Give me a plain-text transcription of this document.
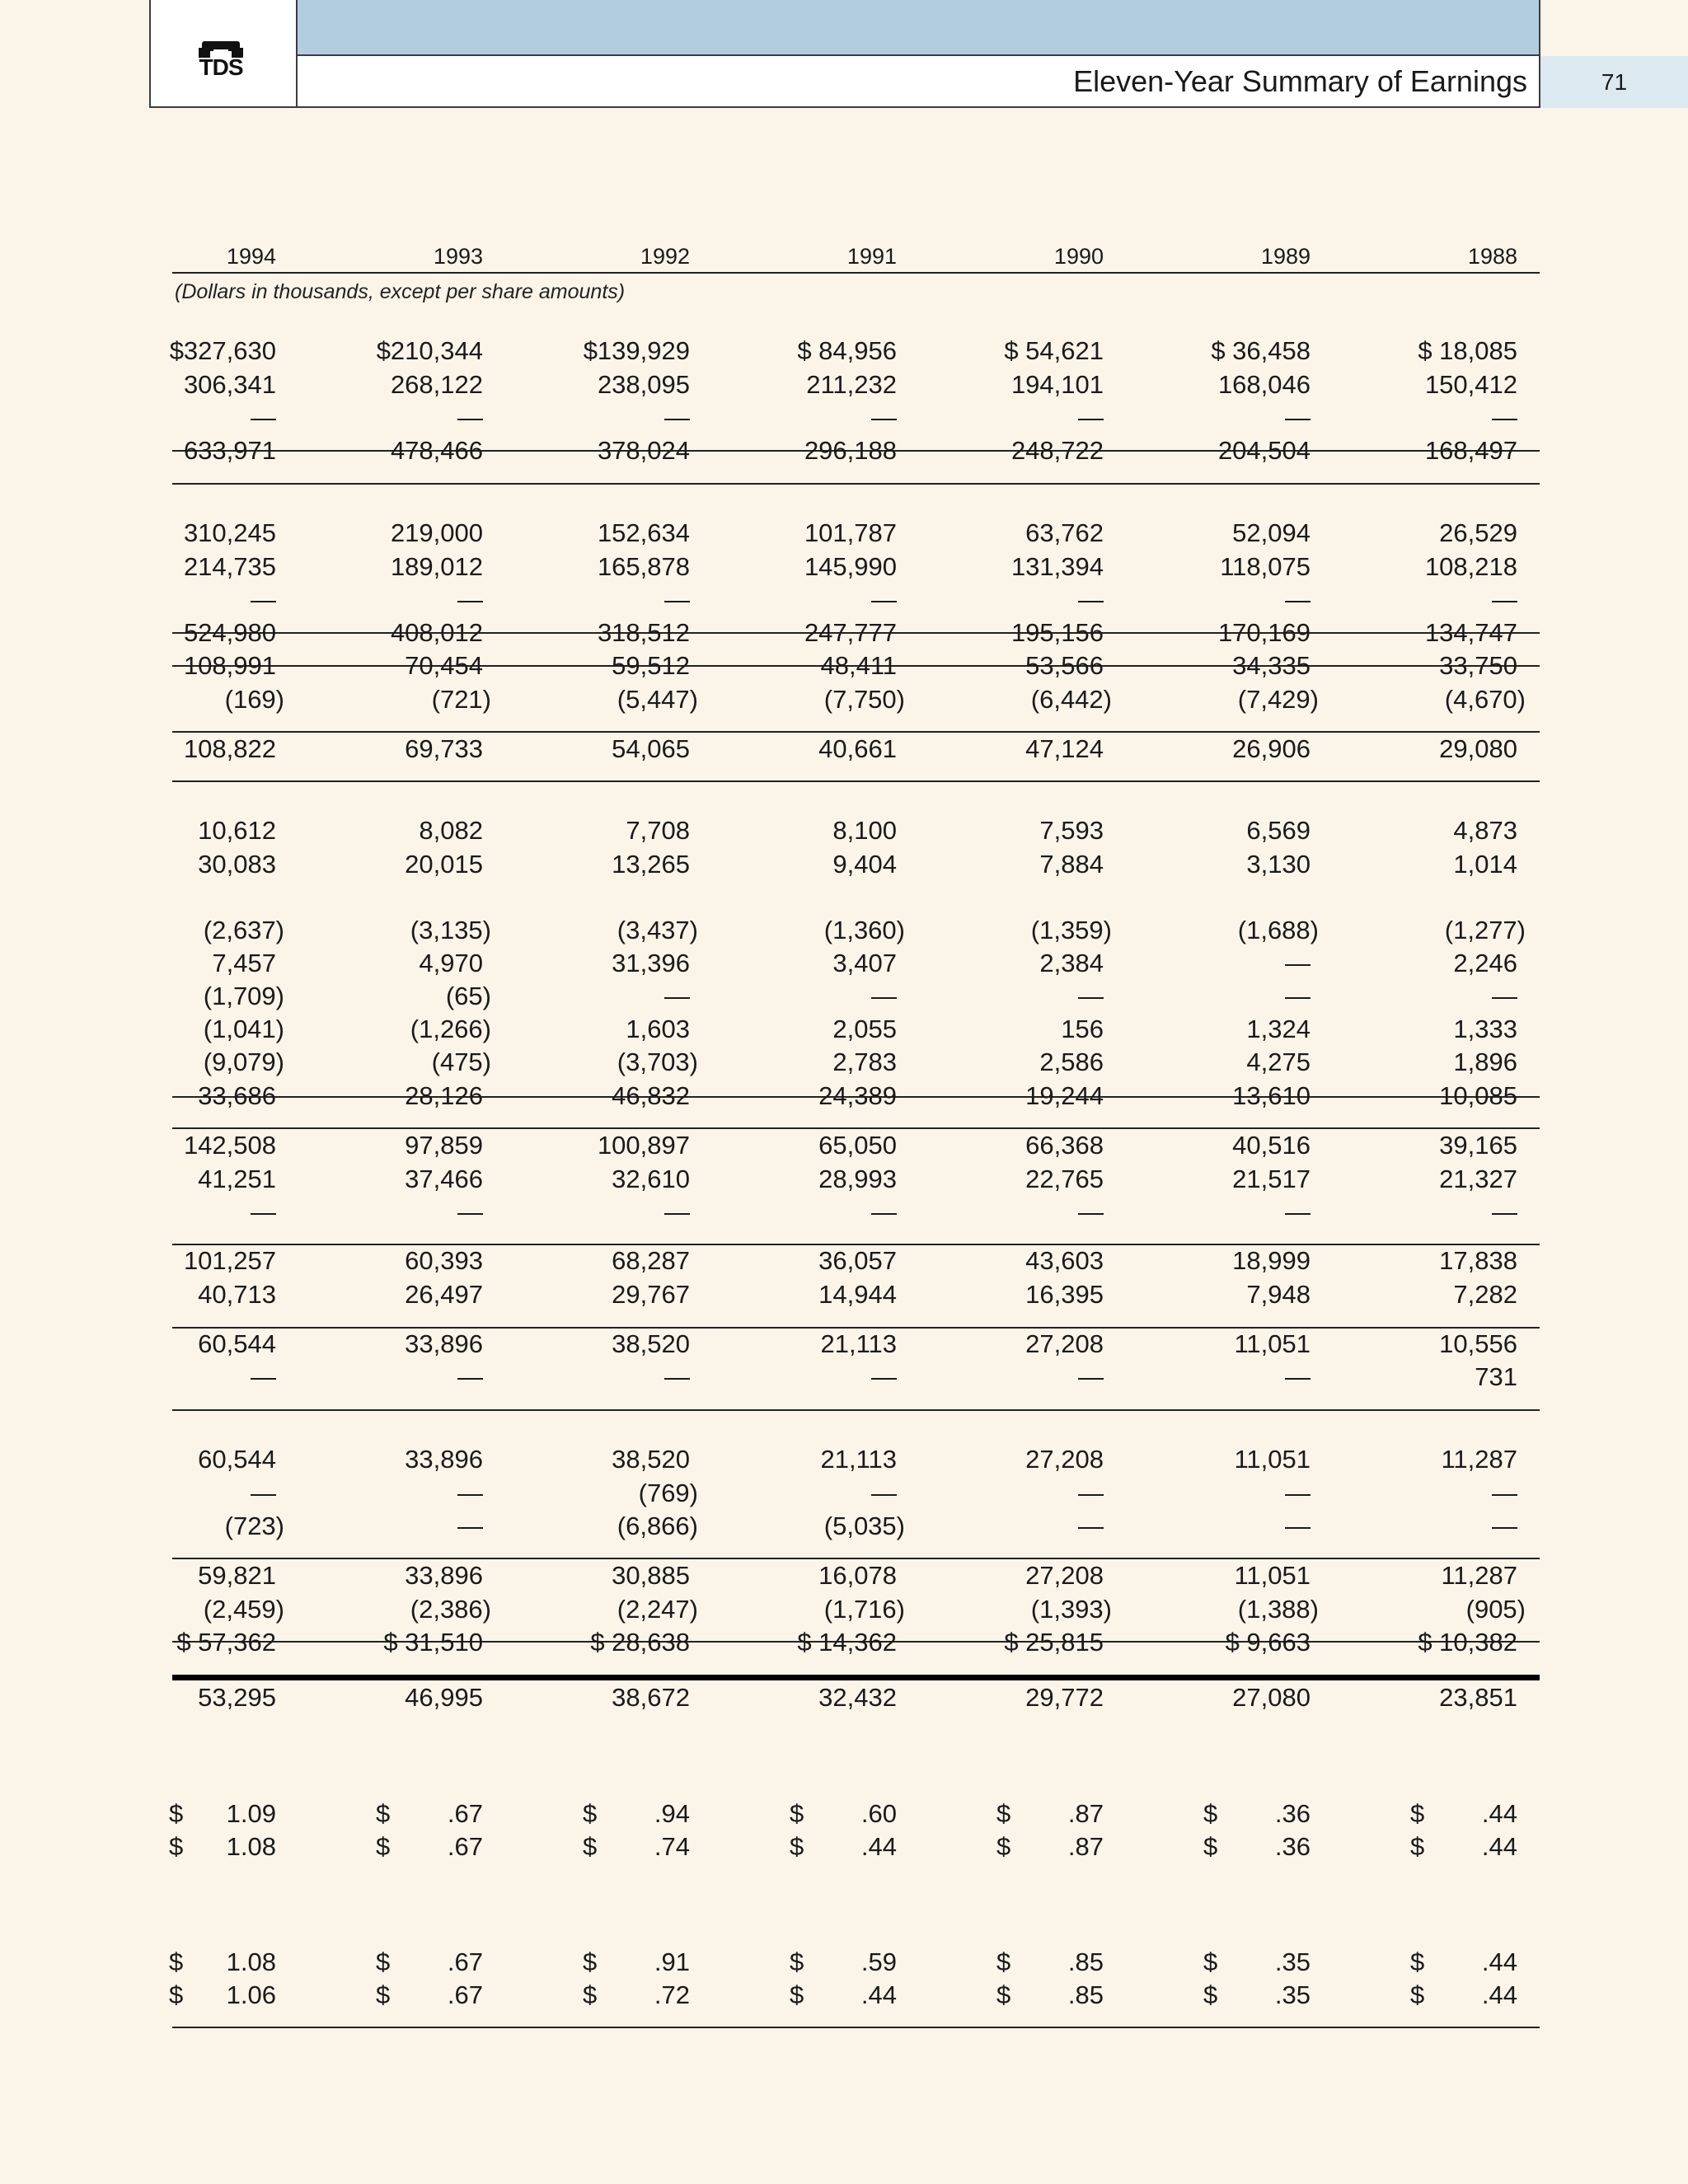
TDS	Eleven-Year Summary of Earnings	71
(Dollars in thousands, except per share amounts)
1994	1993	1992	1991	1990	1989	1988
$327,630	$210,344	$139,929	$ 84,956	$ 54,621	$ 36,458	$ 18,085
306,341	268,122	238,095	211,232	194,101	168,046	150,412
—	—	—	—	—	—	—
633,971	478,466	378,024	296,188	248,722	204,504	168,497
310,245	219,000	152,634	101,787	63,762	52,094	26,529
214,735	189,012	165,878	145,990	131,394	118,075	108,218
—	—	—	—	—	—	—
524,980	408,012	318,512	247,777	195,156	170,169	134,747
108,991	70,454	59,512	48,411	53,566	34,335	33,750
(169)	(721)	(5,447)	(7,750)	(6,442)	(7,429)	(4,670)
108,822	69,733	54,065	40,661	47,124	26,906	29,080
10,612	8,082	7,708	8,100	7,593	6,569	4,873
30,083	20,015	13,265	9,404	7,884	3,130	1,014
(2,637)	(3,135)	(3,437)	(1,360)	(1,359)	(1,688)	(1,277)
7,457	4,970	31,396	3,407	2,384	—	2,246
(1,709)	(65)	—	—	—	—	—
(1,041)	(1,266)	1,603	2,055	156	1,324	1,333
(9,079)	(475)	(3,703)	2,783	2,586	4,275	1,896
33,686	28,126	46,832	24,389	19,244	13,610	10,085
142,508	97,859	100,897	65,050	66,368	40,516	39,165
41,251	37,466	32,610	28,993	22,765	21,517	21,327
—	—	—	—	—	—	—
101,257	60,393	68,287	36,057	43,603	18,999	17,838
40,713	26,497	29,767	14,944	16,395	7,948	7,282
60,544	33,896	38,520	21,113	27,208	11,051	10,556
—	—	—	—	—	—	731
60,544	33,896	38,520	21,113	27,208	11,051	11,287
—	—	(769)	—	—	—	—
(723)	—	(6,866)	(5,035)	—	—	—
59,821	33,896	30,885	16,078	27,208	11,051	11,287
(2,459)	(2,386)	(2,247)	(1,716)	(1,393)	(1,388)	(905)
$ 57,362	$ 31,510	$ 28,638	$ 14,362	$ 25,815	$ 9,663	$ 10,382
53,295	46,995	38,672	32,432	29,772	27,080	23,851
$	1.09	$	.67	$	.94	$	.60	$	.87	$	.36	$	.44
$	1.08	$	.67	$	.74	$	.44	$	.87	$	.36	$	.44
$	1.08	$	.67	$	.91	$	.59	$	.85	$	.35	$	.44
$	1.06	$	.67	$	.72	$	.44	$	.85	$	.35	$	.44
